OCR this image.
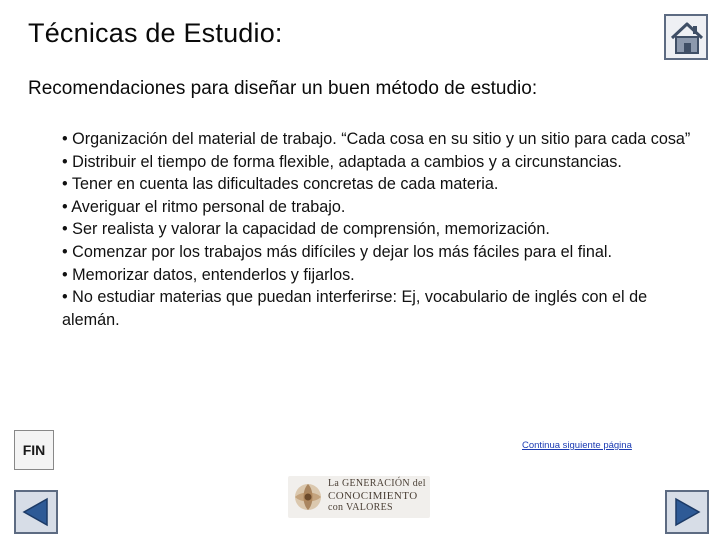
Técnicas de Estudio:
Recomendaciones para diseñar un buen método de estudio:
• Organización del material de trabajo. “Cada cosa en su sitio y un sitio para cada cosa”
• Distribuir el tiempo de forma flexible, adaptada a cambios y a circunstancias.
• Tener en cuenta las dificultades concretas de cada materia.
• Averiguar el ritmo personal de trabajo.
• Ser realista y valorar la capacidad de comprensión, memorización.
• Comenzar por los trabajos más difíciles y dejar los más fáciles para el final.
• Memorizar datos, entenderlos y fijarlos.
• No estudiar materias que puedan interferirse: Ej, vocabulario de inglés con el de alemán.
FIN	Continua siguiente página
La GENERACIÓN del
CONOCIMIENTO
con VALORES
